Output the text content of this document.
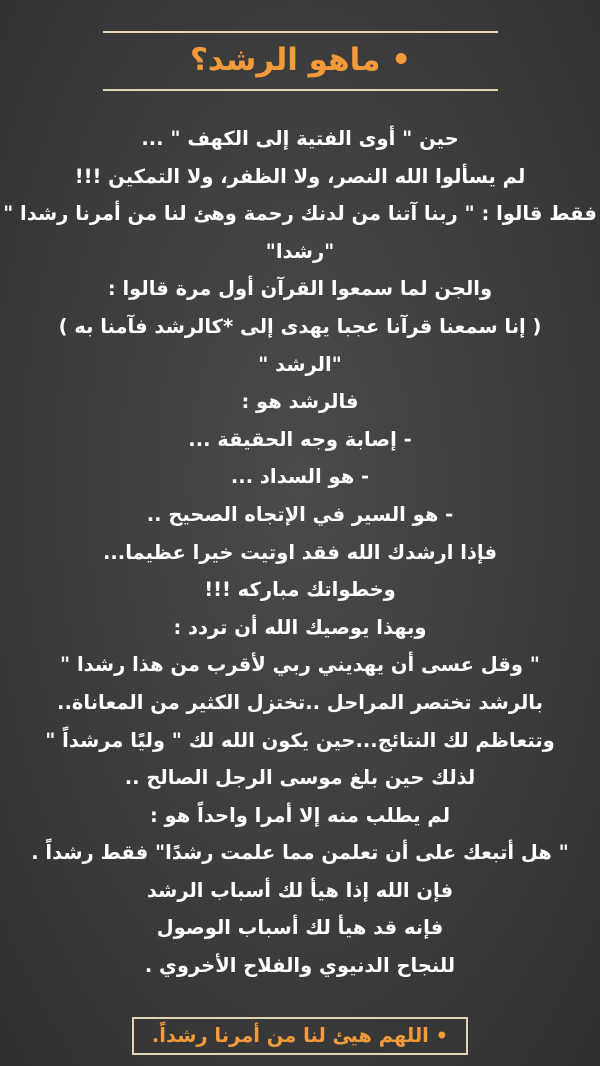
• ماهو الرشد؟
حين " أوى الفتية إلى الكهف " ...
لم يسألوا الله النصر، ولا الظفر، ولا التمكين !!!
فقط قالوا : " ربنا آتنا من لدنك رحمة وهئ لنا من أمرنا رشدا "
"رشدا"
والجن لما سمعوا القرآن أول مرة قالوا :
( إنا سمعنا قرآنا عجبا يهدى إلى *كالرشد فآمنا به )
"الرشد "
فالرشد هو :
- إصابة وجه الحقيقة ...
- هو السداد ...
- هو السير في الإتجاه الصحيح ..
فإذا ارشدك الله فقد اوتيت خيرا عظيما...
وخطواتك مباركه !!!
وبهذا يوصيك الله أن تردد :
" وقل عسى أن يهديني ربي لأقرب من هذا رشدا "
بالرشد تختصر المراحل ..تختزل الكثير من المعاناة..
وتتعاظم لك النتائج...حين يكون الله لك " وليًا مرشداً "
لذلك حين بلغ موسى الرجل الصالح ..
لم يطلب منه إلا أمرا واحداً هو :
" هل أتبعك على أن تعلمن مما علمت رشدًا" فقط رشداً .
فإن الله إذا هيأ لك أسباب الرشد
فإنه قد هيأ لك أسباب الوصول
للنجاح الدنيوي والفلاح الأخروي .
• اللهم هيئ لنا من أمرنا رشداً.
